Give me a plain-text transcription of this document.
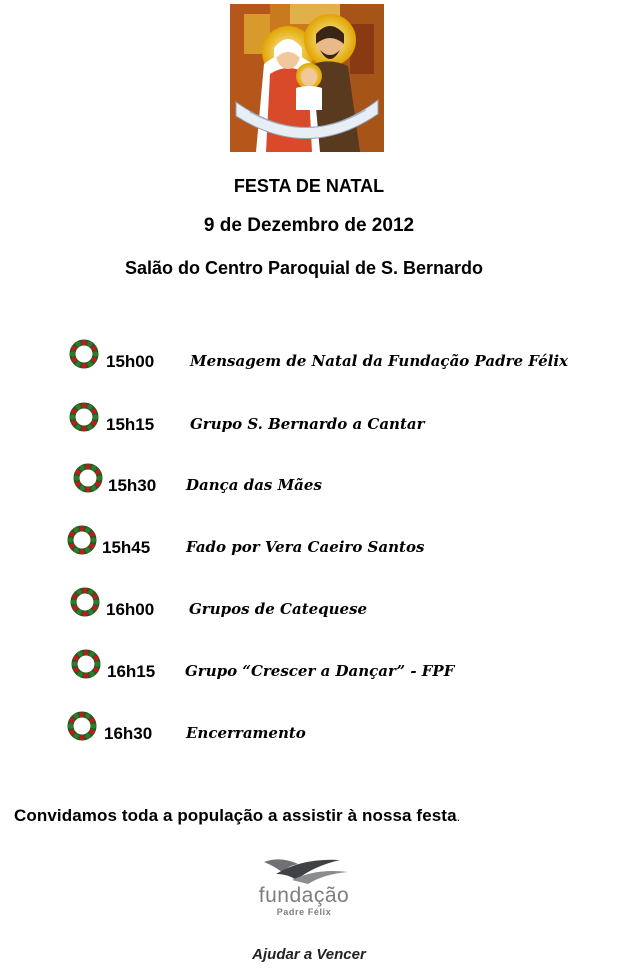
FESTA DE NATAL
9 de Dezembro de 2012
Salão do Centro Paroquial de S. Bernardo
15h00 Mensagem de Natal da Fundação Padre Félix
15h15 Grupo S. Bernardo a Cantar
15h30 Dança das Mães
15h45 Fado por Vera Caeiro Santos
16h00 Grupos de Catequese
16h15 Grupo “Crescer a Dançar” - FPF
16h30 Encerramento
Convidamos toda a população a assistir à nossa festa.
fundação
Padre Félix
Ajudar a Vencer
